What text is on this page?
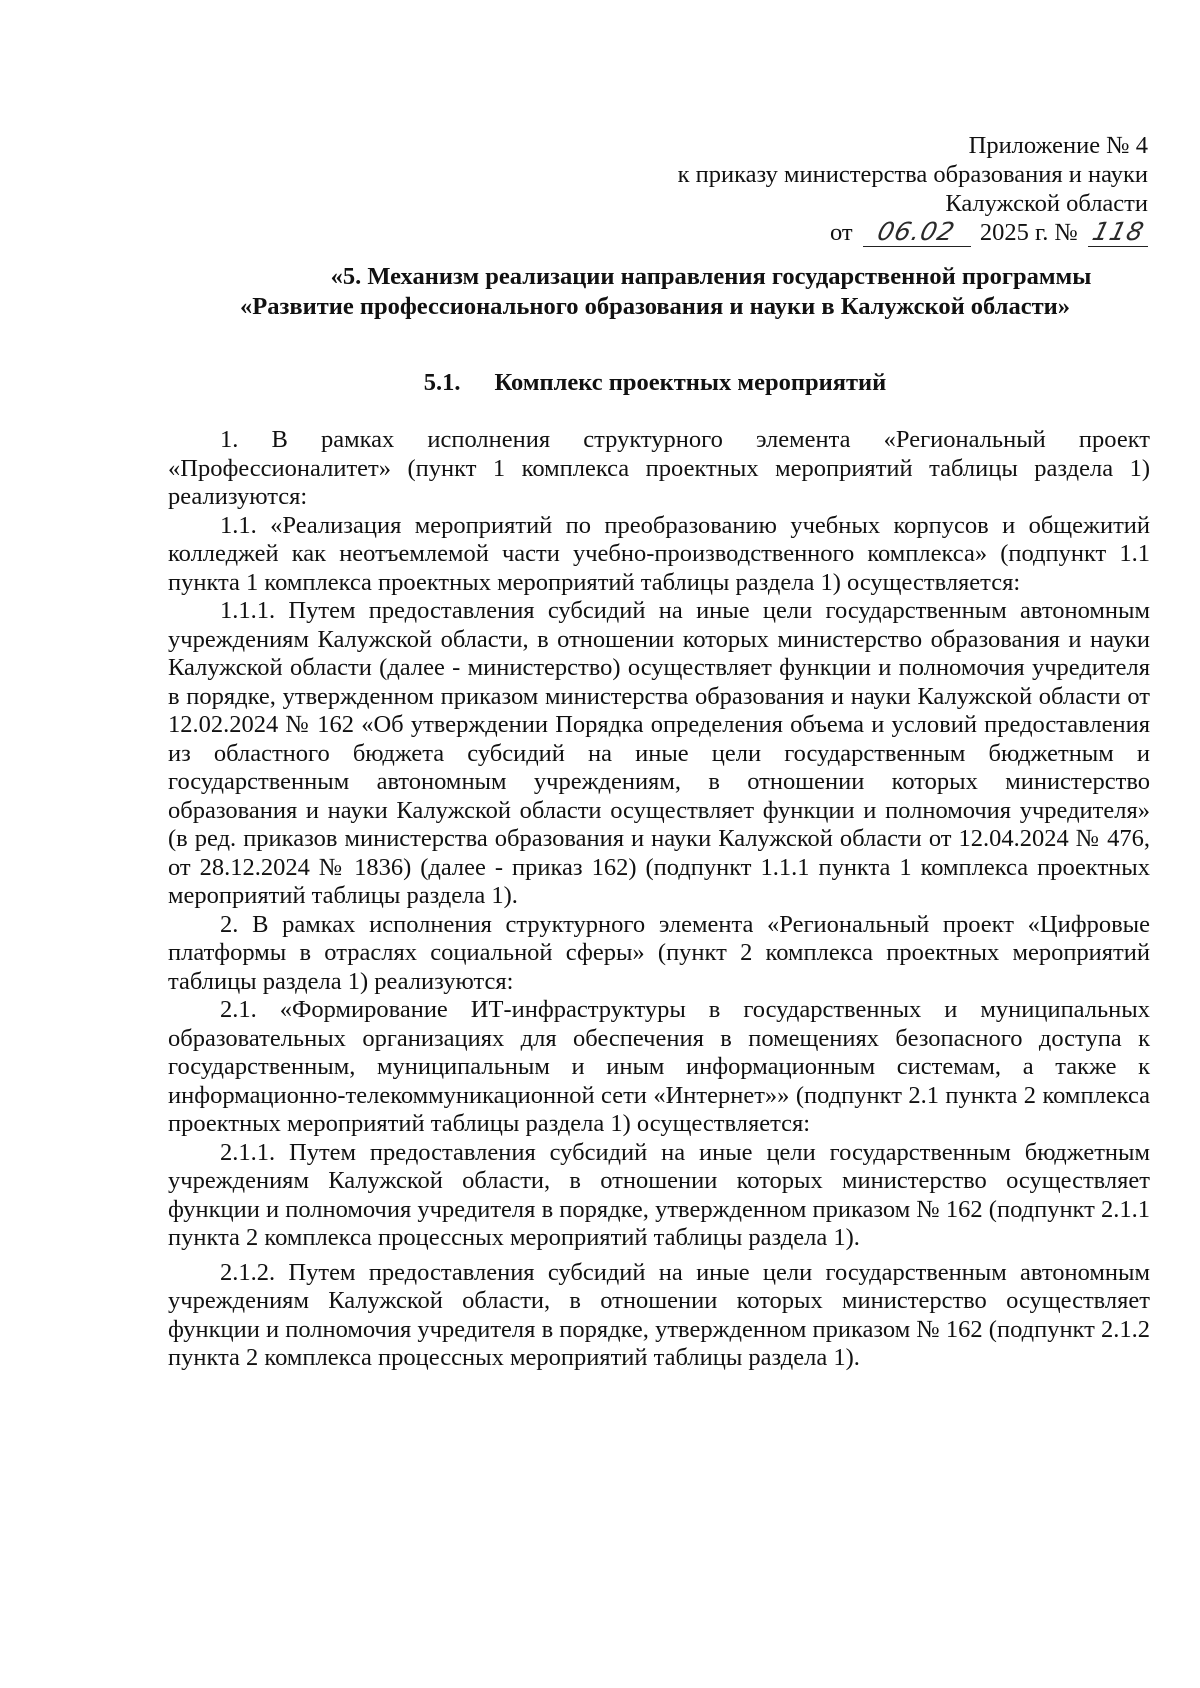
Приложение № 4
к приказу министерства образования и науки
Калужской области
от 06.02 2025 г. № 118
«5. Механизм реализации направления государственной программы
«Развитие профессионального образования и науки в Калужской области»
5.1. Комплекс проектных мероприятий

1. В рамках исполнения структурного элемента «Региональный проект «Профессионалитет» (пункт 1 комплекса проектных мероприятий таблицы раздела 1) реализуются:

1.1. «Реализация мероприятий по преобразованию учебных корпусов и общежитий колледжей как неотъемлемой части учебно-производственного комплекса» (подпункт 1.1 пункта 1 комплекса проектных мероприятий таблицы раздела 1) осуществляется:

1.1.1. Путем предоставления субсидий на иные цели государственным автономным учреждениям Калужской области, в отношении которых министерство образования и науки Калужской области (далее - министерство) осуществляет функции и полномочия учредителя в порядке, утвержденном приказом министерства образования и науки Калужской области от 12.02.2024 № 162 «Об утверждении Порядка определения объема и условий предоставления из областного бюджета субсидий на иные цели государственным бюджетным и государственным автономным учреждениям, в отношении которых министерство образования и науки Калужской области осуществляет функции и полномочия учредителя» (в ред. приказов министерства образования и науки Калужской области от 12.04.2024 № 476, от 28.12.2024 № 1836) (далее - приказ 162) (подпункт 1.1.1 пункта 1 комплекса проектных мероприятий таблицы раздела 1).

2. В рамках исполнения структурного элемента «Региональный проект «Цифровые платформы в отраслях социальной сферы» (пункт 2 комплекса проектных мероприятий таблицы раздела 1) реализуются:

2.1. «Формирование ИТ-инфраструктуры в государственных и муниципальных образовательных организациях для обеспечения в помещениях безопасного доступа к государственным, муниципальным и иным информационным системам, а также к информационно-телекоммуникационной сети «Интернет»» (подпункт 2.1 пункта 2 комплекса проектных мероприятий таблицы раздела 1) осуществляется:

2.1.1. Путем предоставления субсидий на иные цели государственным бюджетным учреждениям Калужской области, в отношении которых министерство осуществляет функции и полномочия учредителя в порядке, утвержденном приказом № 162 (подпункт 2.1.1 пункта 2 комплекса процессных мероприятий таблицы раздела 1).

2.1.2. Путем предоставления субсидий на иные цели государственным автономным учреждениям Калужской области, в отношении которых министерство осуществляет функции и полномочия учредителя в порядке, утвержденном приказом № 162 (подпункт 2.1.2 пункта 2 комплекса процессных мероприятий таблицы раздела 1).
